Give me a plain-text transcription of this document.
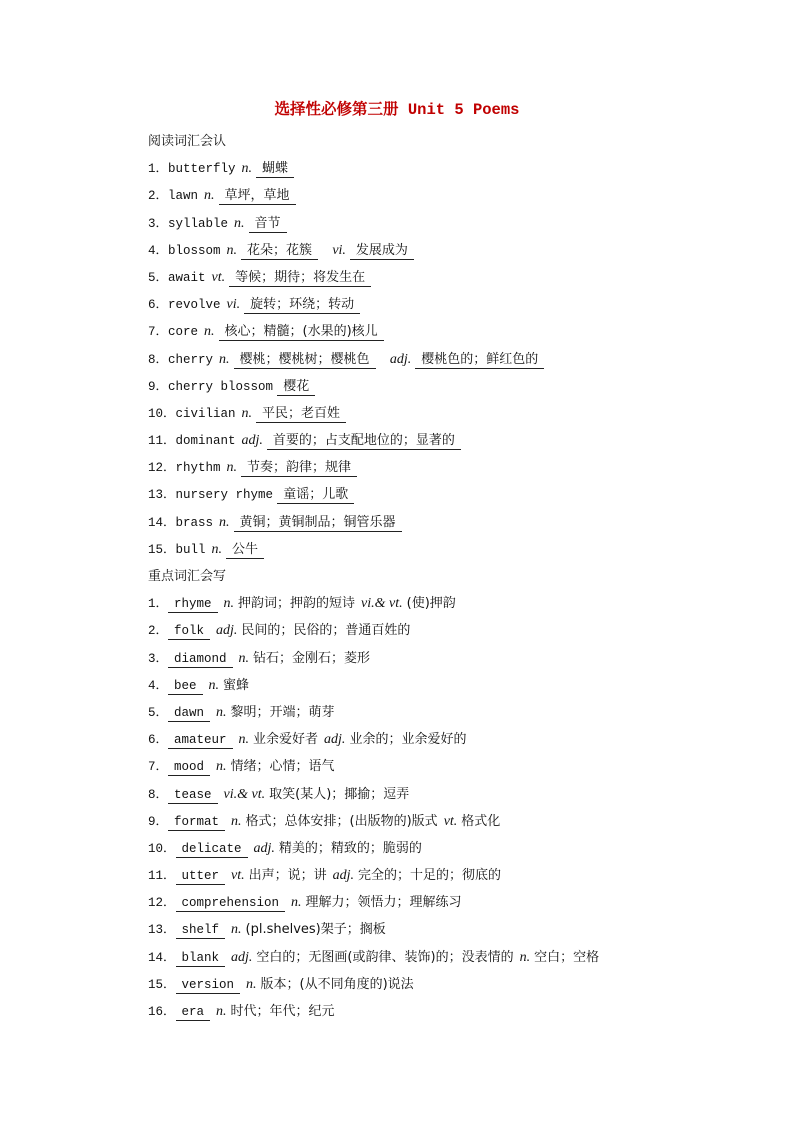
选择性必修第三册 Unit 5 Poems
阅读词汇会认
1．butterfly n. 蝴蝶
2．lawn n. 草坪，草地
3．syllable n. 音节
4．blossom n. 花朵；花簇 vi. 发展成为
5．await vt. 等候；期待；将发生在
6．revolve vi. 旋转；环绕；转动
7．core n. 核心；精髓；(水果的)核儿
8．cherry n. 樱桃；樱桃树；樱桃色 adj. 樱桃色的；鲜红色的
9．cherry blossom 樱花
10．civilian n. 平民；老百姓
11．dominant adj. 首要的；占支配地位的；显著的
12．rhythm n. 节奏；韵律；规律
13．nursery rhyme 童谣；儿歌
14．brass n. 黄铜；黄铜制品；铜管乐器
15．bull n. 公牛
重点词汇会写
1． rhyme n. 押韵词；押韵的短诗 vi.& vt. (使)押韵
2． folk adj. 民间的；民俗的；普通百姓的
3． diamond n. 钻石；金刚石；菱形
4． bee n. 蜜蜂
5． dawn n. 黎明；开端；萌芽
6． amateur n. 业余爱好者 adj. 业余的；业余爱好的
7． mood n. 情绪；心情；语气
8． tease vi.& vt. 取笑(某人)；揶揄；逗弄
9． format n. 格式；总体安排；(出版物的)版式 vt. 格式化
10． delicate adj. 精美的；精致的；脆弱的
11． utter vt. 出声；说；讲 adj. 完全的；十足的；彻底的
12． comprehension n. 理解力；领悟力；理解练习
13． shelf n. (pl.shelves)架子；搁板
14． blank adj. 空白的；无图画(或韵律、装饰)的；没表情的 n. 空白；空格
15． version n. 版本；(从不同角度的)说法
16． era n. 时代；年代；纪元
